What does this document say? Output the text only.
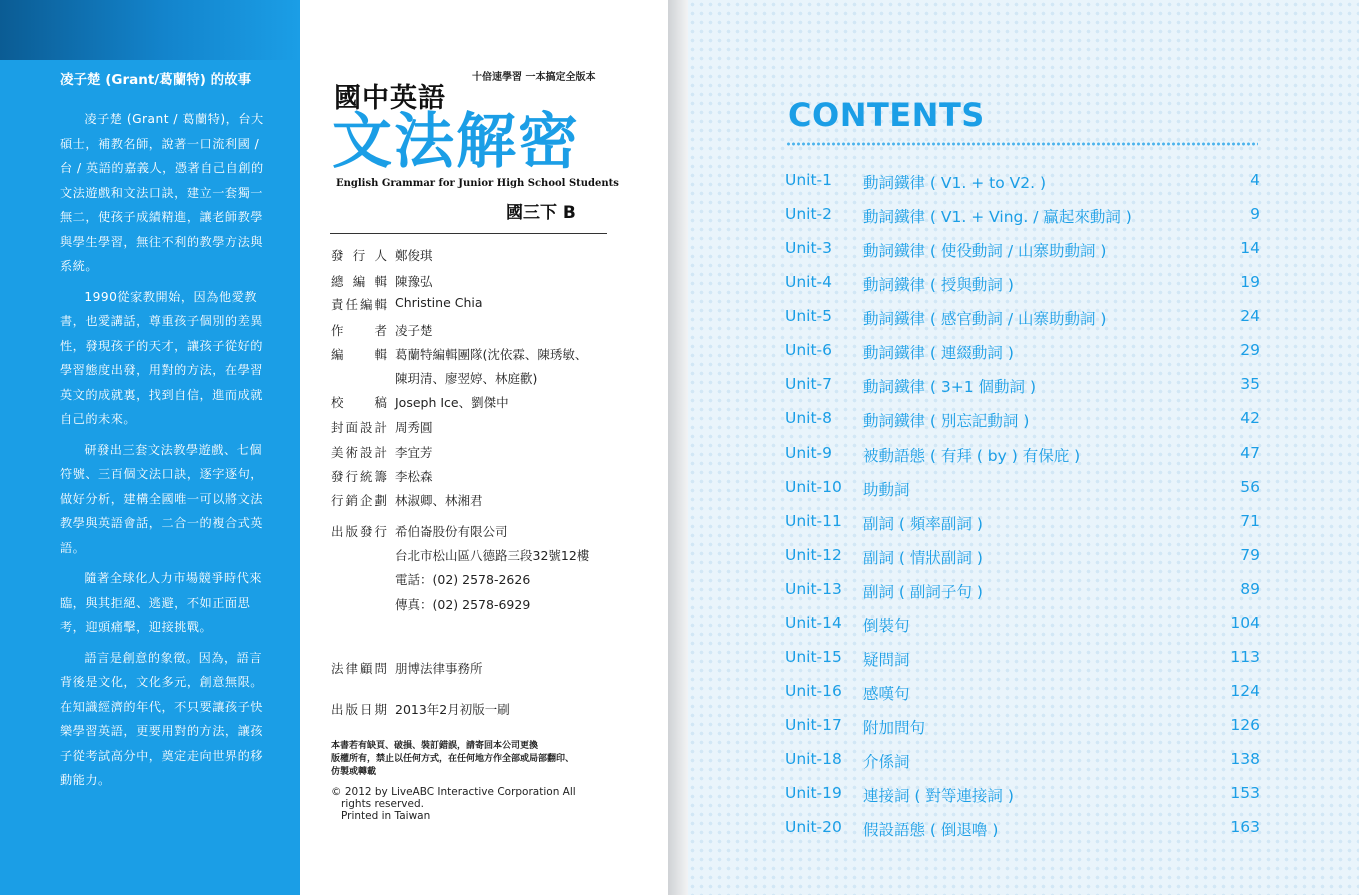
凌子楚 (Grant/葛蘭特) 的故事

凌子楚 (Grant / 葛蘭特)，台大碩士，補教名師，說著一口流利國 / 台 / 英語的嘉義人，憑著自己自創的文法遊戲和文法口訣，建立一套獨一無二，使孩子成績精進，讓老師教學與學生學習，無往不利的教學方法與系統。

1990從家教開始，因為他愛教書，也愛講話，尊重孩子個別的差異性，發現孩子的天才，讓孩子從好的學習態度出發，用對的方法，在學習英文的成就裏，找到自信，進而成就自己的未來。

研發出三套文法教學遊戲、七個符號、三百個文法口訣，逐字逐句，做好分析，建構全國唯一可以將文法教學與英語會話，二合一的複合式英語。

隨著全球化人力市場競爭時代來臨，與其拒絕、逃避，不如正面思考，迎頭痛擊，迎接挑戰。

語言是創意的象徵。因為，語言背後是文化，文化多元，創意無限。在知識經濟的年代，不只要讓孩子快樂學習英語，更要用對的方法，讓孩子從考試高分中，奠定走向世界的移動能力。

十倍速學習 一本搞定全版本
國中英語
文法解密
English Grammar for Junior High School Students
國三下 B
發行人 鄭俊琪
總編輯 陳豫弘
責任編輯 Christine Chia
作者 凌子楚
編輯 葛蘭特編輯團隊(沈依霖、陳琇敏、
陳玥清、廖翌婷、林庭歡)
校稿 Joseph Ice、劉傑中
封面設計 周秀圓
美術設計 李宜芳
發行統籌 李松森
行銷企劃 林淑卿、林湘君
出版發行 希伯崙股份有限公司
台北市松山區八德路三段32號12樓
電話：(02) 2578-2626
傳真：(02) 2578-6929
法律顧問 朋博法律事務所
出版日期 2013年2月初版一刷
本書若有缺頁、破損、裝訂錯誤，請寄回本公司更換
版權所有，禁止以任何方式，在任何地方作全部或局部翻印、
仿製或轉載
© 2012 by LiveABC Interactive Corporation All
rights reserved.
Printed in Taiwan
CONTENTS
Unit-1 動詞鐵律 ( V1. + to V2. )	4
Unit-2 動詞鐵律 ( V1. + Ving. / 贏起來動詞 )	9
Unit-3 動詞鐵律 ( 使役動詞 / 山寨助動詞 )	14
Unit-4 動詞鐵律 ( 授與動詞 )	19
Unit-5 動詞鐵律 ( 感官動詞 / 山寨助動詞 )	24
Unit-6 動詞鐵律 ( 連綴動詞 )	29
Unit-7 動詞鐵律 ( 3+1 個動詞 )	35
Unit-8 動詞鐵律 ( 別忘記動詞 )	42
Unit-9 被動語態 ( 有拜 ( by ) 有保庇 )	47
Unit-10 助動詞	56
Unit-11 副詞 ( 頻率副詞 )	71
Unit-12 副詞 ( 情狀副詞 )	79
Unit-13 副詞 ( 副詞子句 )	89
Unit-14 倒裝句	104
Unit-15 疑問詞	113
Unit-16 感嘆句	124
Unit-17 附加問句	126
Unit-18 介係詞	138
Unit-19 連接詞 ( 對等連接詞 )	153
Unit-20 假設語態 ( 倒退嚕 )	163
